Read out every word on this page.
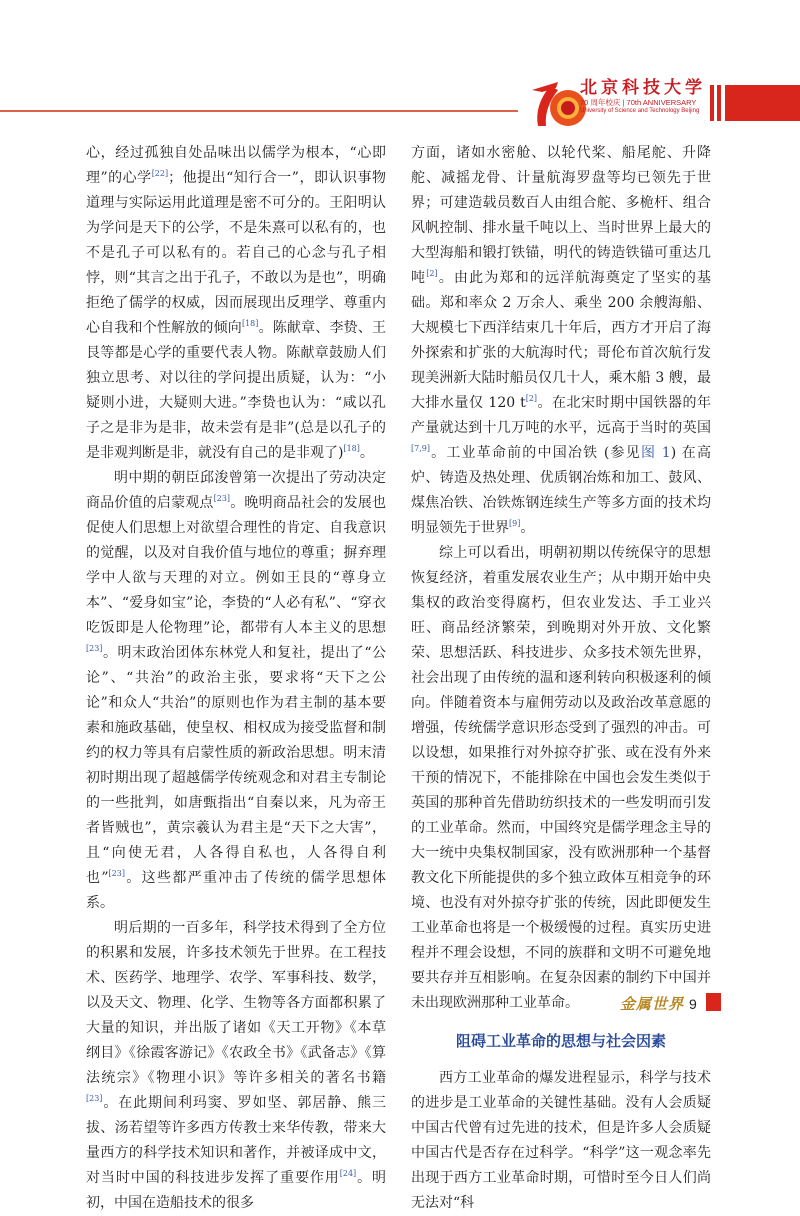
北京科技大学
70 周年校庆 | 70th ANNIVERSARY
University of Science and Technology Beijing

心，经过孤独自处品味出以儒学为根本，“心即理”的心学[22]；他提出“知行合一”，即认识事物道理与实际运用此道理是密不可分的。王阳明认为学问是天下的公学，不是朱熹可以私有的，也不是孔子可以私有的。若自己的心念与孔子相悖，则“其言之出于孔子，不敢以为是也”，明确拒绝了儒学的权威，因而展现出反理学、尊重内心自我和个性解放的倾向[18]。陈献章、李贽、王艮等都是心学的重要代表人物。陈献章鼓励人们独立思考、对以往的学问提出质疑，认为：“小疑则小进，大疑则大进。”李贽也认为：“咸以孔子之是非为是非，故未尝有是非”(总是以孔子的是非观判断是非，就没有自己的是非观了)[18]。

明中期的朝臣邱浚曾第一次提出了劳动决定商品价值的启蒙观点[23]。晚明商品社会的发展也促使人们思想上对欲望合理性的肯定、自我意识的觉醒，以及对自我价值与地位的尊重；摒弃理学中人欲与天理的对立。例如王艮的“尊身立本”、“爱身如宝”论，李贽的“人必有私”、“穿衣吃饭即是人伦物理”论，都带有人本主义的思想[23]。明末政治团体东林党人和复社，提出了“公论”、“共治”的政治主张，要求将“天下之公论”和众人“共治”的原则也作为君主制的基本要素和施政基础，使皇权、相权成为接受监督和制约的权力等具有启蒙性质的新政治思想。明末清初时期出现了超越儒学传统观念和对君主专制论的一些批判，如唐甄指出“自秦以来，凡为帝王者皆贼也”，黄宗羲认为君主是“天下之大害”，且“向使无君，人各得自私也，人各得自利也”[23]。这些都严重冲击了传统的儒学思想体系。

明后期的一百多年，科学技术得到了全方位的积累和发展，许多技术领先于世界。在工程技术、医药学、地理学、农学、军事科技、数学，以及天文、物理、化学、生物等各方面都积累了大量的知识，并出版了诸如《天工开物》《本草纲目》《徐霞客游记》《农政全书》《武备志》《算法统宗》《物理小识》等许多相关的著名书籍[23]。在此期间利玛窦、罗如坚、郭居静、熊三拔、汤若望等许多西方传教士来华传教，带来大量西方的科学技术知识和著作，并被译成中文，对当时中国的科技进步发挥了重要作用[24]。明初，中国在造船技术的很多

方面，诸如水密舱、以轮代桨、船尾舵、升降舵、减摇龙骨、计量航海罗盘等均已领先于世界；可建造载员数百人由组合舵、多桅杆、组合风帆控制、排水量千吨以上、当时世界上最大的大型海船和锻打铁锚，明代的铸造铁锚可重达几吨[2]。由此为郑和的远洋航海奠定了坚实的基础。郑和率众 2 万余人、乘坐 200 余艘海船、大规模七下西洋结束几十年后，西方才开启了海外探索和扩张的大航海时代；哥伦布首次航行发现美洲新大陆时船员仅几十人，乘木船 3 艘，最大排水量仅 120 t[2]。在北宋时期中国铁器的年产量就达到十几万吨的水平，远高于当时的英国[7,9]。工业革命前的中国冶铁 (参见图 1) 在高炉、铸造及热处理、优质钢冶炼和加工、鼓风、煤焦冶铁、冶铁炼钢连续生产等多方面的技术均明显领先于世界[9]。

综上可以看出，明朝初期以传统保守的思想恢复经济，着重发展农业生产；从中期开始中央集权的政治变得腐朽，但农业发达、手工业兴旺、商品经济繁荣，到晚期对外开放、文化繁荣、思想活跃、科技进步、众多技术领先世界，社会出现了由传统的温和逐利转向积极逐利的倾向。伴随着资本与雇佣劳动以及政治改革意愿的增强，传统儒学意识形态受到了强烈的冲击。可以设想，如果推行对外掠夺扩张、或在没有外来干预的情况下，不能排除在中国也会发生类似于英国的那种首先借助纺织技术的一些发明而引发的工业革命。然而，中国终究是儒学理念主导的大一统中央集权制国家，没有欧洲那种一个基督教文化下所能提供的多个独立政体互相竞争的环境、也没有对外掠夺扩张的传统，因此即便发生工业革命也将是一个极缓慢的过程。真实历史进程并不理会设想，不同的族群和文明不可避免地要共存并互相影响。在复杂因素的制约下中国并未出现欧洲那种工业革命。

阻碍工业革命的思想与社会因素

西方工业革命的爆发进程显示，科学与技术的进步是工业革命的关键性基础。没有人会质疑中国古代曾有过先进的技术，但是许多人会质疑中国古代是否存在过科学。“科学”这一观念率先出现于西方工业革命时期，可惜时至今日人们尚无法对“科

金属世界 9
